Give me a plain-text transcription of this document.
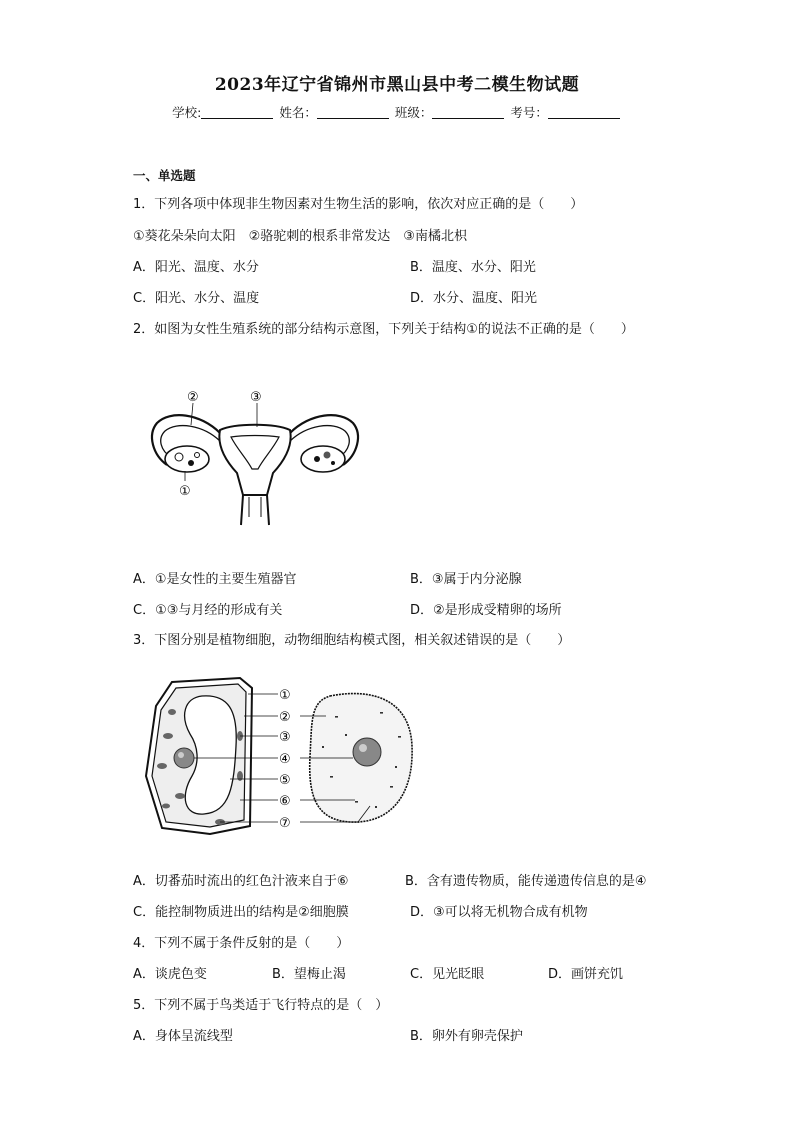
2023年辽宁省锦州市黑山县中考二模生物试题
学校:	姓名：	班级：	考号：
一、单选题
1．下列各项中体现非生物因素对生物生活的影响，依次对应正确的是（　　）
①葵花朵朵向太阳　②骆驼刺的根系非常发达　③南橘北枳
A．阳光、温度、水分	B．温度、水分、阳光
C．阳光、水分、温度	D．水分、温度、阳光
2．如图为女性生殖系统的部分结构示意图，下列关于结构①的说法不正确的是（　　）
②	③
①
A．①是女性的主要生殖器官	B．③属于内分泌腺
C．①③与月经的形成有关	D．②是形成受精卵的场所
3．下图分别是植物细胞，动物细胞结构模式图，相关叙述错误的是（　　）
①
②
③
④
⑤
⑥
⑦
A．切番茄时流出的红色汁液来自于⑥	B．含有遗传物质，能传递遗传信息的是④
C．能控制物质进出的结构是②细胞膜	D．③可以将无机物合成有机物
4．下列不属于条件反射的是（　　）
A．谈虎色变	B．望梅止渴	C．见光眨眼	D．画饼充饥
5．下列不属于鸟类适于飞行特点的是（　）
A．身体呈流线型	B．卵外有卵壳保护
